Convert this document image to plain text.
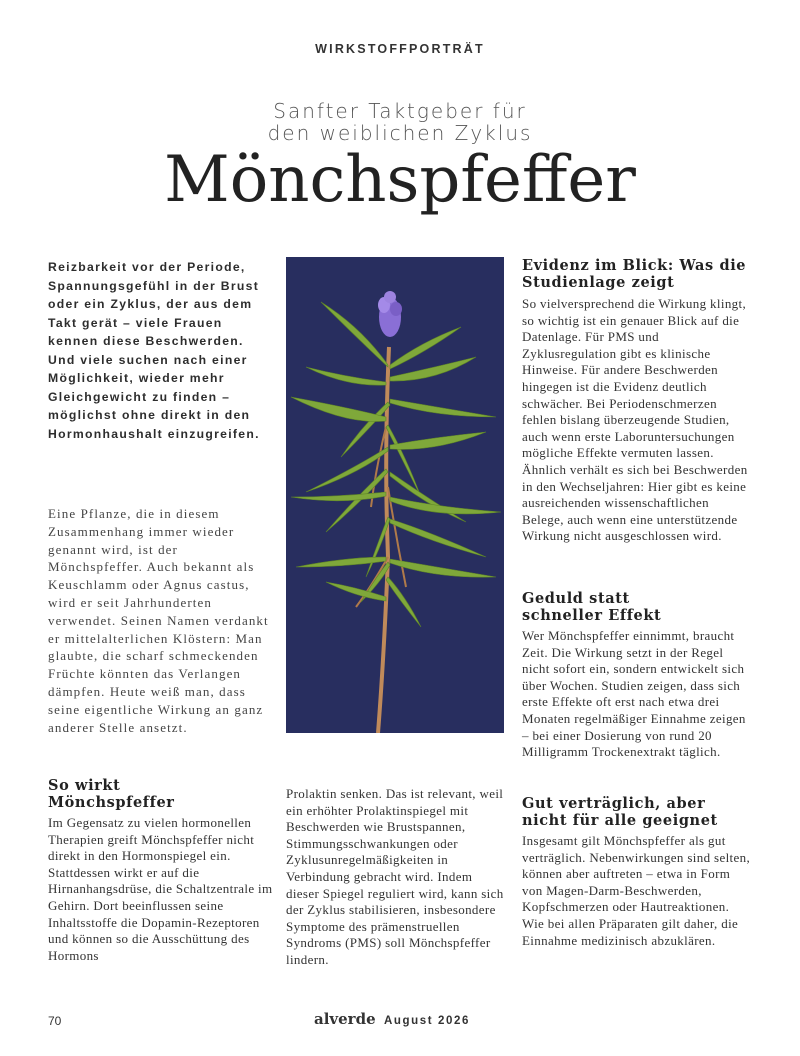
WIRKSTOFFPORTRÄT
Sanfter Taktgeber für
den weiblichen Zyklus
Mönchspfeffer
Reizbarkeit vor der Periode, Spannungsgefühl in der Brust oder ein Zyklus, der aus dem Takt gerät – viele Frauen kennen diese Beschwerden. Und viele suchen nach einer Möglichkeit, wieder mehr Gleichgewicht zu finden – möglichst ohne direkt in den Hormonhaushalt einzugreifen.
Eine Pflanze, die in diesem Zusammenhang immer wieder genannt wird, ist der Mönchspfeffer. Auch bekannt als Keuschlamm oder Agnus castus, wird er seit Jahrhunderten verwendet. Seinen Namen verdankt er mittelalterlichen Klöstern: Man glaubte, die scharf schmeckenden Früchte könnten das Verlangen dämpfen. Heute weiß man, dass seine eigentliche Wirkung an ganz anderer Stelle ansetzt.
So wirkt Mönchspfeffer

Im Gegensatz zu vielen hormonellen Therapien greift Mönchspfeffer nicht direkt in den Hormonspiegel ein. Stattdessen wirkt er auf die Hirnanhangsdrüse, die Schaltzentrale im Gehirn. Dort beeinflussen seine Inhaltsstoffe die Dopamin-Rezeptoren und können so die Ausschüttung des Hormons

Prolaktin senken. Das ist relevant, weil ein erhöhter Prolaktinspiegel mit Beschwerden wie Brustspannen, Stimmungsschwankungen oder Zyklusunregelmäßigkeiten in Verbindung gebracht wird. Indem dieser Spiegel reguliert wird, kann sich der Zyklus stabilisieren, insbesondere Symptome des prämenstruellen Syndroms (PMS) soll Mönchspfeffer lindern.

Evidenz im Blick: Was die Studienlage zeigt

So vielversprechend die Wirkung klingt, so wichtig ist ein genauer Blick auf die Datenlage. Für PMS und Zyklusregulation gibt es klinische Hinweise. Für andere Beschwerden hingegen ist die Evidenz deutlich schwächer. Bei Periodenschmerzen fehlen bislang überzeugende Studien, auch wenn erste Laboruntersuchungen mögliche Effekte vermuten lassen. Ähnlich verhält es sich bei Beschwerden in den Wechseljahren: Hier gibt es keine ausreichenden wissenschaftlichen Belege, auch wenn eine unterstützende Wirkung nicht ausgeschlossen wird.

Geduld statt schneller Effekt

Wer Mönchspfeffer einnimmt, braucht Zeit. Die Wirkung setzt in der Regel nicht sofort ein, sondern entwickelt sich über Wochen. Studien zeigen, dass sich erste Effekte oft erst nach etwa drei Monaten regelmäßiger Einnahme zeigen – bei einer Dosierung von rund 20 Milligramm Trockenextrakt täglich.

Gut verträglich, aber nicht für alle geeignet

Insgesamt gilt Mönchspfeffer als gut verträglich. Nebenwirkungen sind selten, können aber auftreten – etwa in Form von Magen-Darm-Beschwerden, Kopfschmerzen oder Hautreaktionen. Wie bei allen Präparaten gilt daher, die Einnahme medizinisch abzuklären.

70	alverde August 2026
